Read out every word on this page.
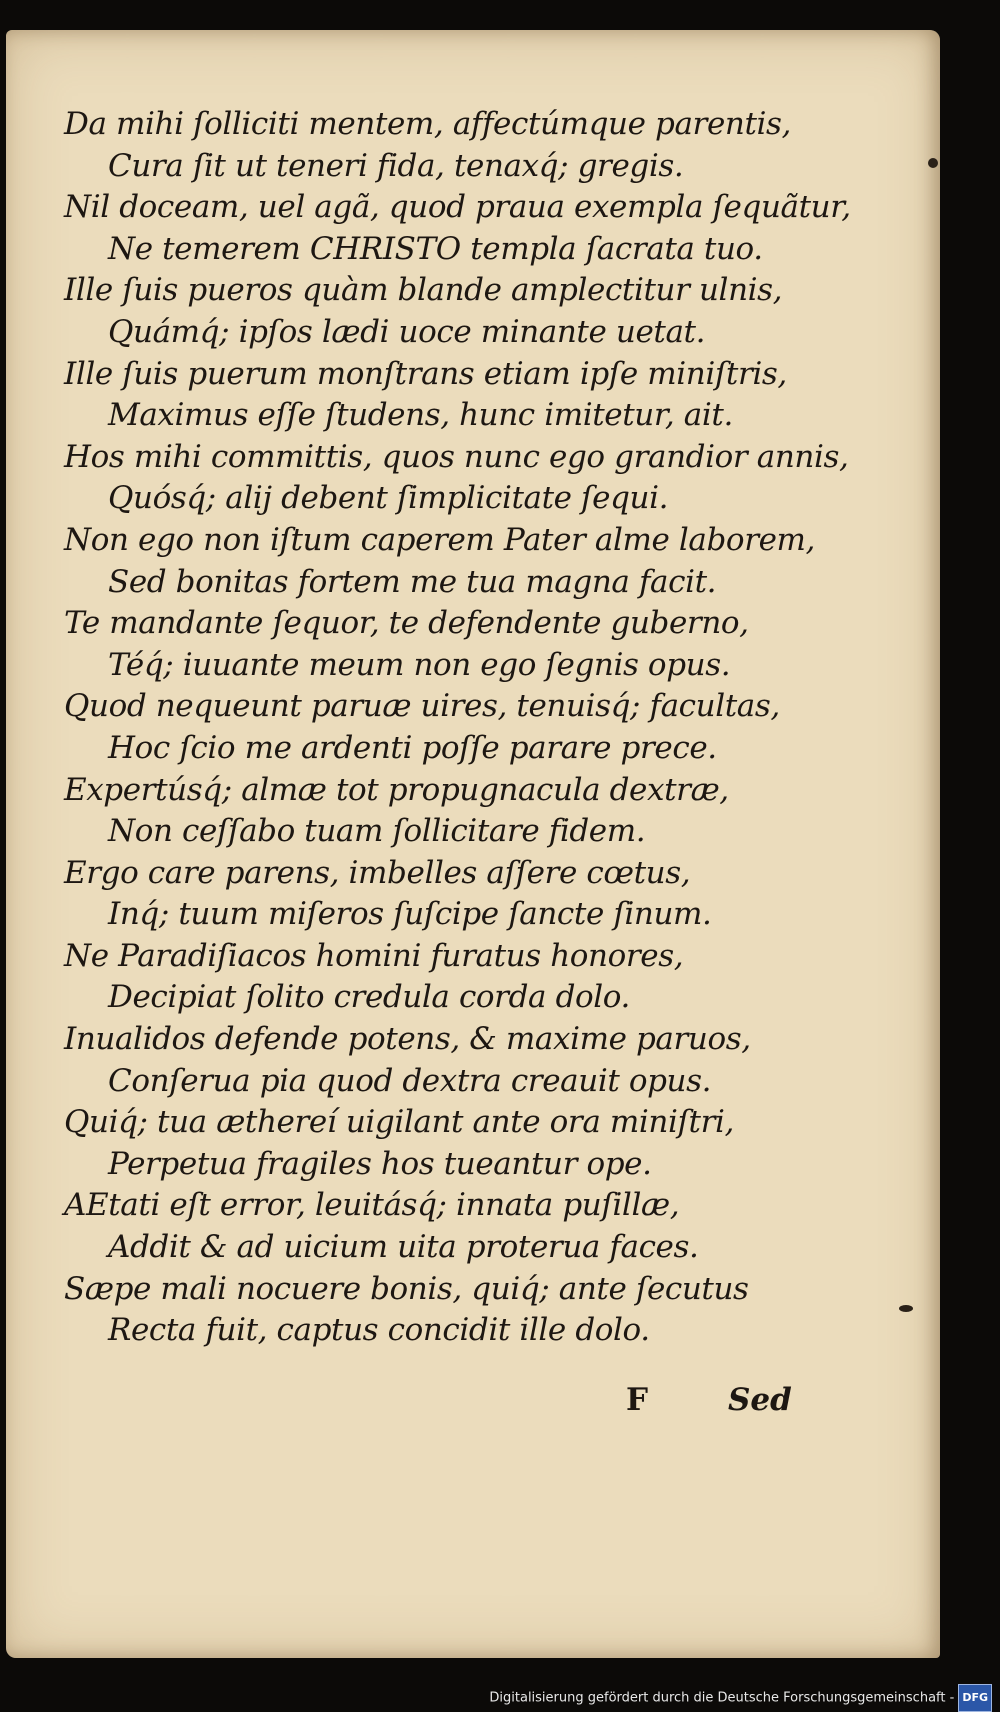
Da mihi ſolliciti mentem, affectúmque parentis,
Cura ſit ut teneri fida, tenaxq́; gregis.
Nil doceam, uel agã, quod praua exempla ſequãtur,
Ne temerem CHRISTO templa ſacrata tuo.
Ille ſuis pueros quàm blande amplectitur ulnis,
Quámq́; ipſos lædi uoce minante uetat.
Ille ſuis puerum monſtrans etiam ipſe miniſtris,
Maximus eſſe ſtudens, hunc imitetur, ait.
Hos mihi committis, quos nunc ego grandior annis,
Quósq́; alij debent ſimplicitate ſequi.
Non ego non iſtum caperem Pater alme laborem,
Sed bonitas fortem me tua magna facit.
Te mandante ſequor, te defendente guberno,
Téq́; iuuante meum non ego ſegnis opus.
Quod nequeunt paruæ uires, tenuisq́; facultas,
Hoc ſcio me ardenti poſſe parare prece.
Expertúsq́; almæ tot propugnacula dextræ,
Non ceſſabo tuam ſollicitare fidem.
Ergo care parens, imbelles aſſere cœtus,
Inq́; tuum miſeros ſuſcipe ſancte ſinum.
Ne Paradiſiacos homini furatus honores,
Decipiat ſolito credula corda dolo.
Inualidos defende potens, & maxime paruos,
Conſerua pia quod dextra creauit opus.
Quiq́; tua æthereí uigilant ante ora miniſtri,
Perpetua fragiles hos tueantur ope.
AEtati eſt error, leuitásq́; innata puſillæ,
Addit & ad uicium uita proterua faces.
Sæpe mali nocuere bonis, quiq́; ante ſecutus
Recta fuit, captus concidit ille dolo.
F	Sed
Digitalisierung gefördert durch die Deutsche Forschungsgemeinschaft - DFG
